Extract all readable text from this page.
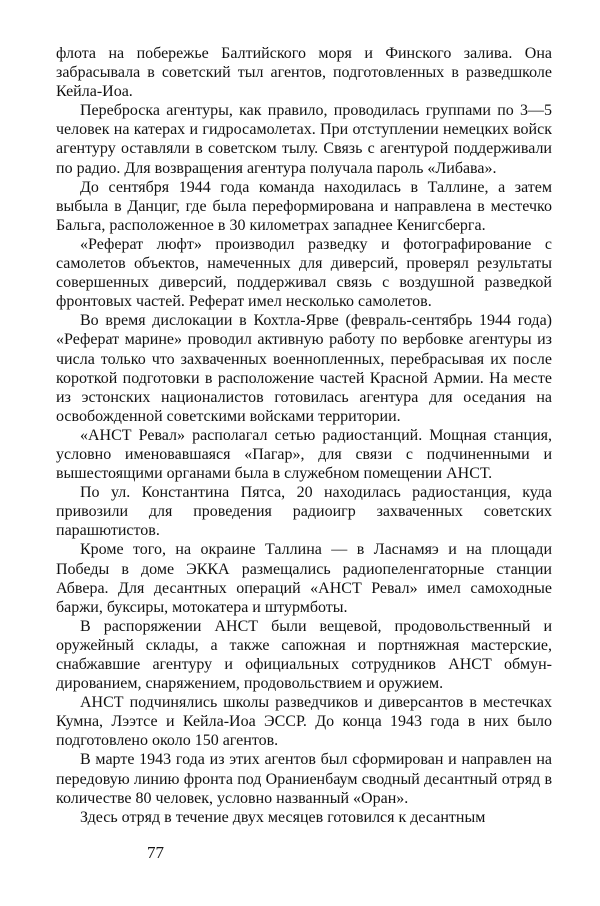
флота на побережье Балтийского моря и Финского залива. Она забрасывала в советский тыл агентов, подготовленных в разведшколе Кейла-Иоа.

Переброска агентуры, как правило, проводилась группами по 3—5 человек на катерах и гидросамолетах. При отступлении немецких войск агентуру оставляли в советском тылу. Связь с агентурой поддерживали по радио. Для возвращения агентура получала пароль «Либава».

До сентября 1944 года команда находилась в Таллине, а затем выбыла в Данциг, где была переформирована и направлена в местечко Бальга, расположенное в 30 километрах западнее Кенигсберга.

«Реферат люфт» производил разведку и фотографирование с самолетов объектов, намеченных для диверсий, проверял результаты совершенных диверсий, поддерживал связь с воздушной разведкой фронтовых частей. Реферат имел несколько самолетов.

Во время дислокации в Кохтла-Ярве (февраль-сентябрь 1944 года) «Реферат марине» проводил активную работу по вербовке агентуры из числа только что захваченных военнопленных, перебрасывая их после короткой подготовки в расположение частей Красной Армии. На месте из эстонских националистов готовилась агентура для оседания на освобожденной советскими войсками территории.

«АНСТ Ревал» располагал сетью радиостанций. Мощная станция, условно именовавшаяся «Пагар», для связи с подчиненными и вышестоящими органами была в служебном помещении АНСТ.

По ул. Константина Пятса, 20 находилась радиостанция, куда привозили для проведения радиоигр захваченных советских парашютистов.

Кроме того, на окраине Таллина — в Ласнамяэ и на площади Победы в доме ЭККА размещались радиопеленгаторные станции Абвера. Для десантных операций «АНСТ Ревал» имел самоходные баржи, буксиры, мотокатера и штурмботы.

В распоряжении АНСТ были вещевой, продовольственный и оружейный склады, а также сапожная и портняжная мастерские, снабжавшие агентуру и официальных сотрудников АНСТ обмундированием, снаряжением, продовольствием и оружием.

АНСТ подчинялись школы разведчиков и диверсантов в местечках Кумна, Лээтсе и Кейла-Иоа ЭССР. До конца 1943 года в них было подготовлено около 150 агентов.

В марте 1943 года из этих агентов был сформирован и направлен на передовую линию фронта под Ораниенбаум сводный десантный отряд в количестве 80 человек, условно названный «Оран».

Здесь отряд в течение двух месяцев готовился к десантным

77
